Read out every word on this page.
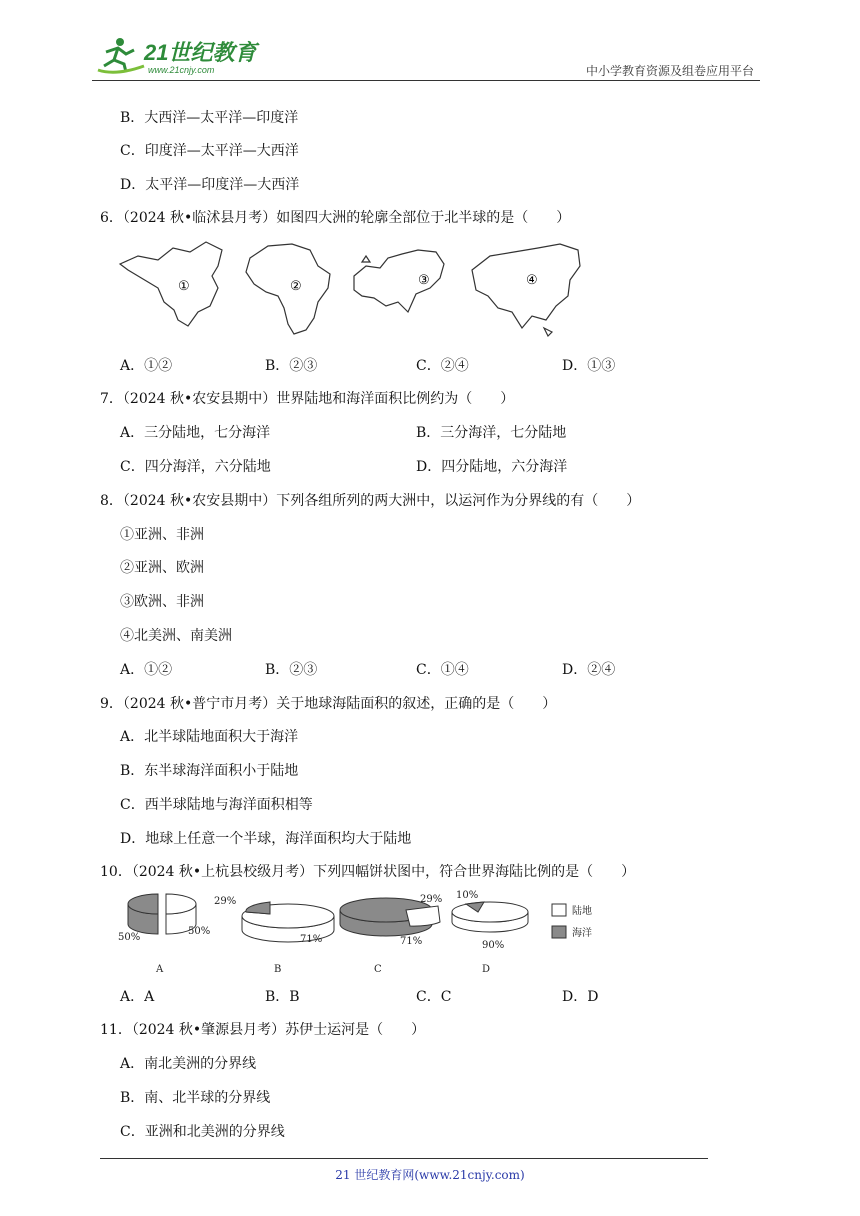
21世纪教育
www.21cnjy.com	中小学教育资源及组卷应用平台
B．大西洋—太平洋—印度洋
C．印度洋—太平洋—大西洋
D．太平洋—印度洋—大西洋
6．（2024 秋•临沭县月考）如图四大洲的轮廓全部位于北半球的是（　　）
①	②	③	④
A．①②	B．②③	C．②④	D．①③
7．（2024 秋•农安县期中）世界陆地和海洋面积比例约为（　　）
A．三分陆地，七分海洋	B．三分海洋，七分陆地
C．四分海洋，六分陆地	D．四分陆地，六分海洋
8．（2024 秋•农安县期中）下列各组所列的两大洲中，以运河作为分界线的有（　　）
①亚洲、非洲
②亚洲、欧洲
③欧洲、非洲
④北美洲、南美洲
A．①②	B．②③	C．①④	D．②④
9．（2024 秋•普宁市月考）关于地球海陆面积的叙述，正确的是（　　）
A．北半球陆地面积大于海洋
B．东半球海洋面积小于陆地
C．西半球陆地与海洋面积相等
D．地球上任意一个半球，海洋面积均大于陆地
10．（2024 秋•上杭县校级月考）下列四幅饼状图中，符合世界海陆比例的是（　　）
50%
50%
A
29%
71%
B
29%
71%
C
10%
90%
D
陆地
海洋
A．A	B．B	C．C	D．D
11．（2024 秋•肇源县月考）苏伊士运河是（　　）
A．南北美洲的分界线
B．南、北半球的分界线
C．亚洲和北美洲的分界线
21 世纪教育网(www.21cnjy.com)
